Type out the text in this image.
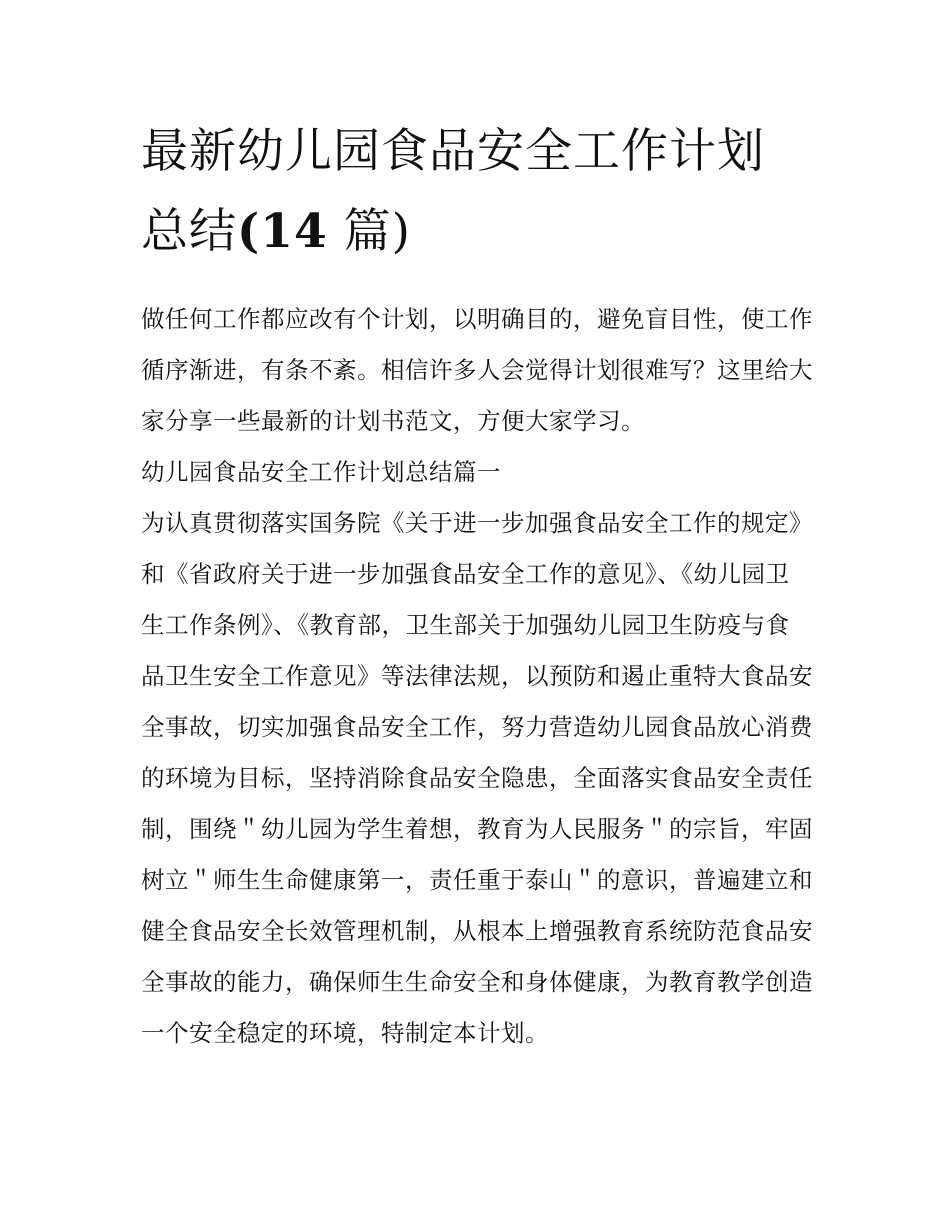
最新幼儿园食品安全工作计划
总结(14 篇)

做任何工作都应改有个计划，以明确目的，避免盲目性，使工作循序渐进，有条不紊。相信许多人会觉得计划很难写？这里给大家分享一些最新的计划书范文，方便大家学习。

幼儿园食品安全工作计划总结篇一

为认真贯彻落实国务院《关于进一步加强食品安全工作的规定》和《省政府关于进一步加强食品安全工作的意见》、《幼儿园卫生工作条例》、《教育部，卫生部关于加强幼儿园卫生防疫与食品卫生安全工作意见》等法律法规，以预防和遏止重特大食品安全事故，切实加强食品安全工作，努力营造幼儿园食品放心消费的环境为目标，坚持消除食品安全隐患，全面落实食品安全责任制，围绕＂幼儿园为学生着想，教育为人民服务＂的宗旨，牢固树立＂师生生命健康第一，责任重于泰山＂的意识，普遍建立和健全食品安全长效管理机制，从根本上增强教育系统防范食品安全事故的能力，确保师生生命安全和身体健康，为教育教学创造一个安全稳定的环境，特制定本计划。
